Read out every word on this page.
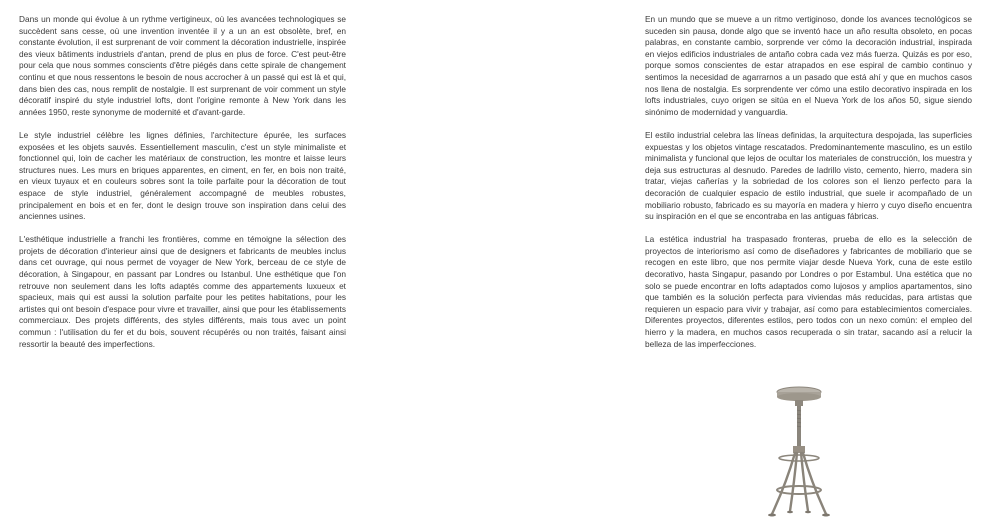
Dans un monde qui évolue à un rythme vertigineux, où les avancées technologiques se succèdent sans cesse, où une invention inventée il y a un an est obsolète, bref, en constante évolution, il est surprenant de voir comment la décoration industrielle, inspirée des vieux bâtiments industriels d'antan, prend de plus en plus de force. C'est peut-être pour cela que nous sommes conscients d'être piégés dans cette spirale de changement continu et que nous ressentons le besoin de nous accrocher à un passé qui est là et qui, dans bien des cas, nous remplit de nostalgie. Il est surprenant de voir comment un style décoratif inspiré du style industriel lofts, dont l'origine remonte à New York dans les années 1950, reste synonyme de modernité et d'avant-garde.

Le style industriel célèbre les lignes définies, l'architecture épurée, les surfaces exposées et les objets sauvés. Essentiellement masculin, c'est un style minimaliste et fonctionnel qui, loin de cacher les matériaux de construction, les montre et laisse leurs structures nues. Les murs en briques apparentes, en ciment, en fer, en bois non traité, en vieux tuyaux et en couleurs sobres sont la toile parfaite pour la décoration de tout espace de style industriel, généralement accompagné de meubles robustes, principalement en bois et en fer, dont le design trouve son inspiration dans celui des anciennes usines.

L'esthétique industrielle a franchi les frontières, comme en témoigne la sélection des projets de décoration d'interieur ainsi que de designers et fabricants de meubles inclus dans cet ouvrage, qui nous permet de voyager de New York, berceau de ce style de décoration, à Singapour, en passant par Londres ou Istanbul. Une esthétique que l'on retrouve non seulement dans les lofts adaptés comme des appartements luxueux et spacieux, mais qui est aussi la solution parfaite pour les petites habitations, pour les artistes qui ont besoin d'espace pour vivre et travailler, ainsi que pour les établissements commerciaux. Des projets différents, des styles différents, mais tous avec un point commun : l'utilisation du fer et du bois, souvent récupérés ou non traités, faisant ainsi ressortir la beauté des imperfections.

En un mundo que se mueve a un ritmo vertiginoso, donde los avances tecnológicos se suceden sin pausa, donde algo que se inventó hace un año resulta obsoleto, en pocas palabras, en constante cambio, sorprende ver cómo la decoración industrial, inspirada en viejos edificios industriales de antaño cobra cada vez más fuerza. Quizás es por eso, porque somos conscientes de estar atrapados en ese espiral de cambio continuo y sentimos la necesidad de agarrarnos a un pasado que está ahí y que en muchos casos nos llena de nostalgia. Es sorprendente ver cómo una estilo decorativo inspirada en los lofts industriales, cuyo origen se sitúa en el Nueva York de los años 50, sigue siendo sinónimo de modernidad y vanguardia.

El estilo industrial celebra las líneas definidas, la arquitectura despojada, las superficies expuestas y los objetos vintage rescatados. Predominantemente masculino, es un estilo minimalista y funcional que lejos de ocultar los materiales de construcción, los muestra y deja sus estructuras al desnudo. Paredes de ladrillo visto, cemento, hierro, madera sin tratar, viejas cañerías y la sobriedad de los colores son el lienzo perfecto para la decoración de cualquier espacio de estilo industrial, que suele ir acompañado de un mobiliario robusto, fabricado es su mayoría en madera y hierro y cuyo diseño encuentra su inspiración en el que se encontraba en las antiguas fábricas.

La estética industrial ha traspasado fronteras, prueba de ello es la selección de proyectos de interiorismo así como de diseñadores y fabricantes de mobiliario que se recogen en este libro, que nos permite viajar desde Nueva York, cuna de este estilo decorativo, hasta Singapur, pasando por Londres o por Estambul. Una estética que no solo se puede encontrar en lofts adaptados como lujosos y amplios apartamentos, sino que también es la solución perfecta para viviendas más reducidas, para artistas que requieren un espacio para vivir y trabajar, así como para establecimientos comerciales. Diferentes proyectos, diferentes estilos, pero todos con un nexo común: el empleo del hierro y la madera, en muchos casos recuperada o sin tratar, sacando así a relucir la belleza de las imperfecciones.
